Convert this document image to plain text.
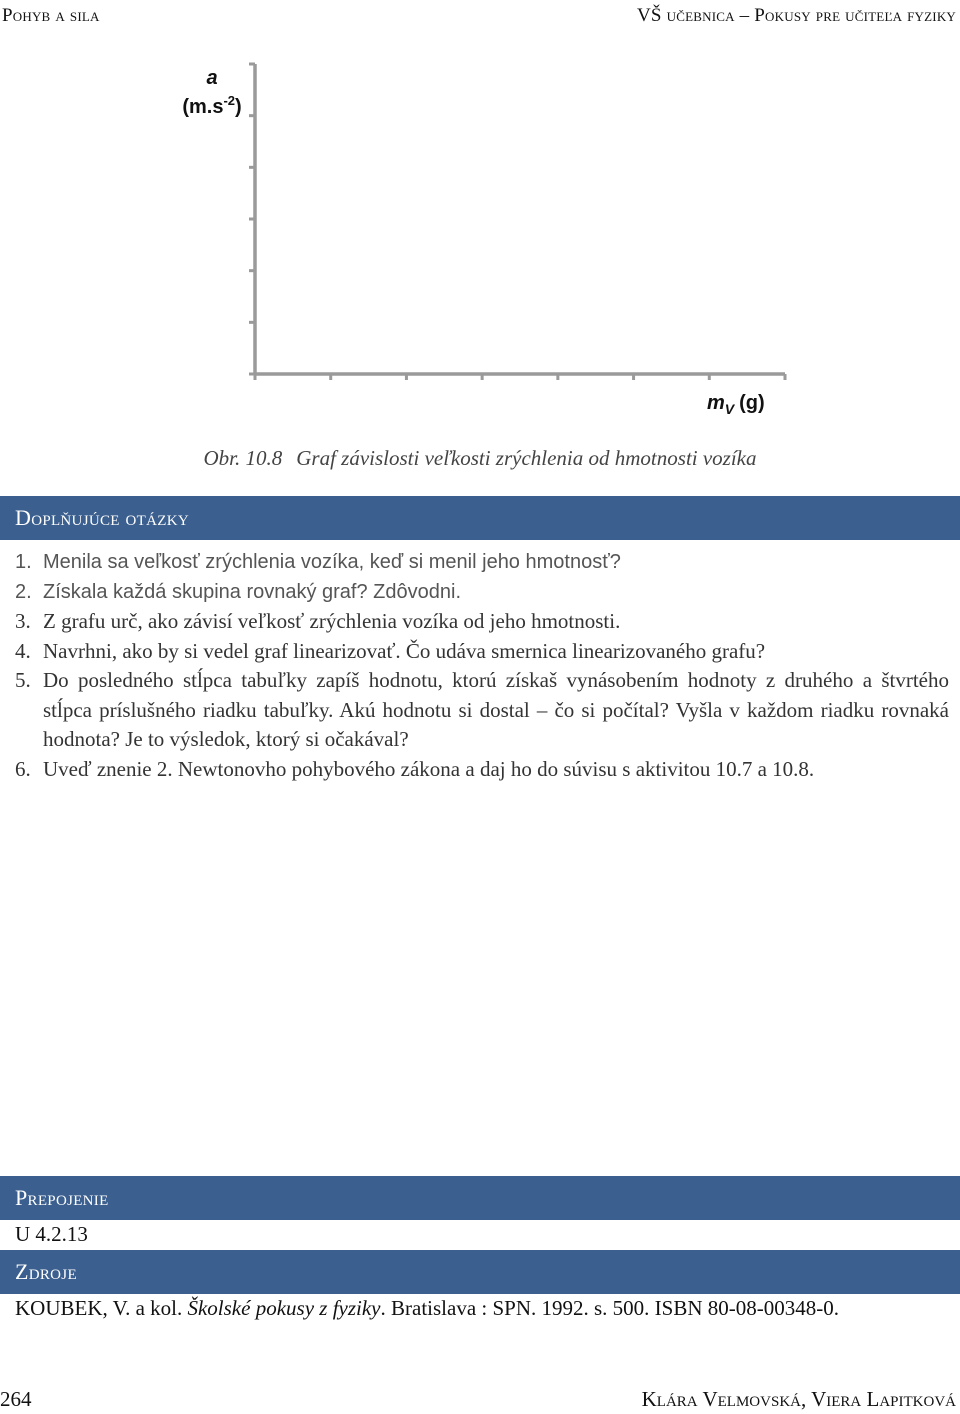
Pohyb a sila	VŠ učebnica – Pokusy pre učiteľa fyziky
a
$(m.s^{-2})$
$m_V$ (g)
Obr. 10.8 Graf závislosti veľkosti zrýchlenia od hmotnosti vozíka
Doplňujúce otázky
1. Menila sa veľkosť zrýchlenia vozíka, keď si menil jeho hmotnosť?
2. Získala každá skupina rovnaký graf? Zdôvodni.
3. Z grafu urč, ako závisí veľkosť zrýchlenia vozíka od jeho hmotnosti.
4. Navrhni, ako by si vedel graf linearizovať. Čo udáva smernica linearizovaného grafu?
5. Do posledného stĺpca tabuľky zapíš hodnotu, ktorú získaš vynásobením hodnoty z druhého a štvrtého stĺpca príslušného riadku tabuľky. Akú hodnotu si dostal – čo si počítal? Vyšla v každom riadku rovnaká hodnota? Je to výsledok, ktorý si očakával?
6. Uveď znenie 2. Newtonovho pohybového zákona a daj ho do súvisu s aktivitou 10.7 a 10.8.
Prepojenie
U 4.2.13
Zdroje
KOUBEK, V. a kol. Školské pokusy z fyziky. Bratislava : SPN. 1992. s. 500. ISBN 80-08-00348-0.
264	Klára Velmovská, Viera Lapitková
